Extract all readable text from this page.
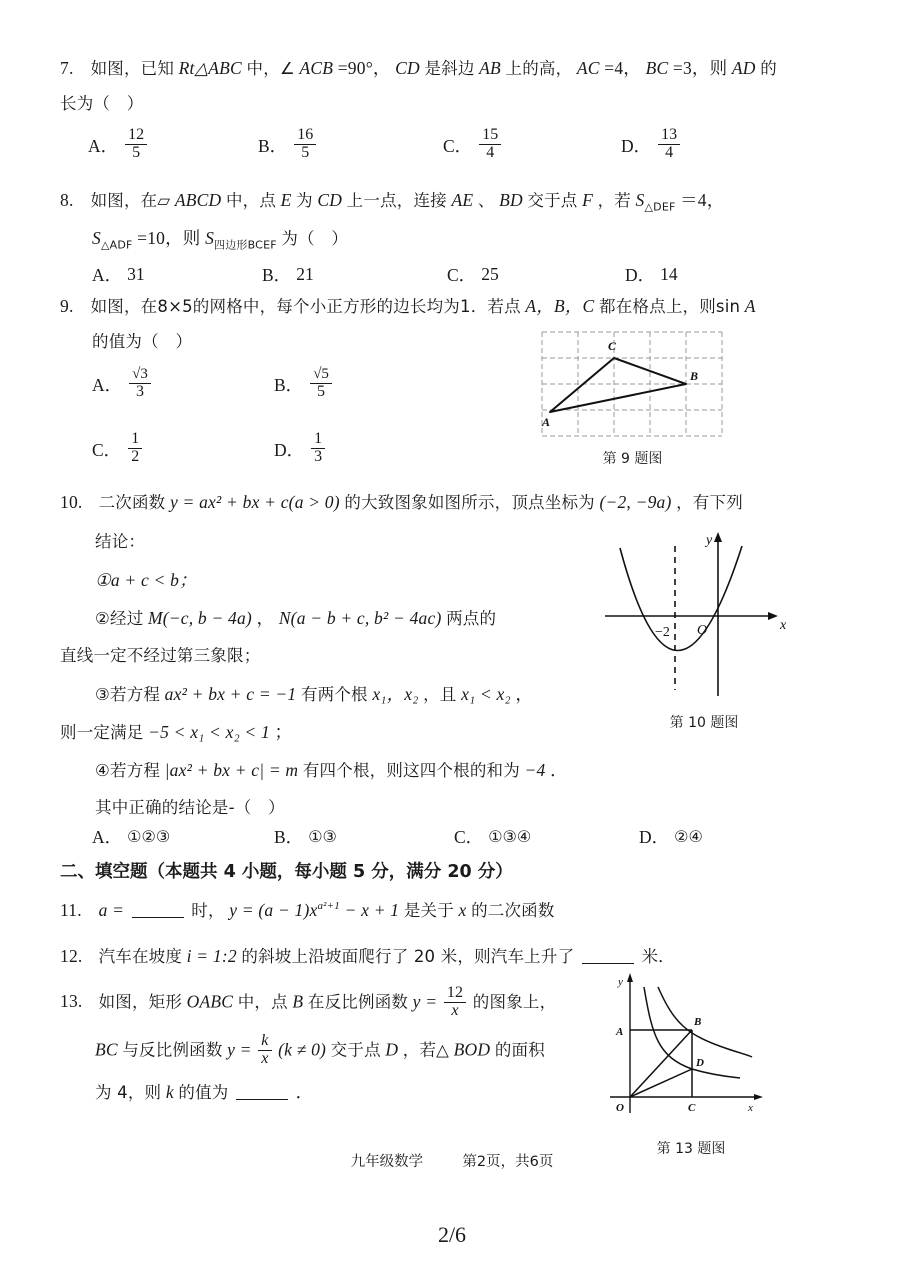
7. 如图，已知 Rt△ABC 中，∠ ACB =90°， CD 是斜边 AB 上的高， AC =4， BC =3，则 AD 的
长为（　）
A． $\frac{12}{5}$	B． $\frac{16}{5}$	C． $\frac{15}{4}$	D． $\frac{13}{4}$
8. 如图，在▱ ABCD 中，点 E 为 CD 上一点，连接 AE 、 BD 交于点 F ，若 $S_{\triangle DEF} =4$，
$S_{\triangle ADF} =10$，则 $S_{四边形BCEF}$ 为（　）
A． 31	B． 21	C． 25	D． 14
9. 如图，在8×5的网格中，每个小正方形的边长均为1．若点 A，B，C 都在格点上，则sin A
的值为（　）
A． $\frac{√3}{3}$	B． $\frac{√5}{5}$
C． $\frac{1}{2}$	D． $\frac{1}{3}$
A
C
B
第 9 题图
10. 二次函数 y = ax² + bx + c(a > 0) 的大致图象如图所示，顶点坐标为 (−2, −9a) ，有下列
结论：
①a + c < b；
②经过 M(−c, b − 4a) ， N(a − b + c, b² − 4ac) 两点的
直线一定不经过第三象限；
③若方程 ax² + bx + c = −1 有两个根 x₁，x₂ ，且 x₁ < x₂ ，
则一定满足 −5 < x₁ < x₂ < 1 ；
④若方程 |ax² + bx + c| = m 有四个根，则这四个根的和为 −4 ．
其中正确的结论是-（　）
A． ①②③	B． ①③	C． ①③④	D． ②④
x
y
O
−2
第 10 题图
二、填空题（本题共 4 小题，每小题 5 分，满分 20 分）
11. a =	时， $y = (a - 1)x^{a^2+1} - x + 1$ 是关于 x 的二次函数
12. 汽车在坡度 i = 1:2 的斜坡上沿坡面爬行了 20 米，则汽车上升了	米．
13. 如图，矩形 OABC 中，点 B 在反比例函数 $y = \frac{12}{x}$ 的图象上，
BC 与反比例函数 $y = \frac{k}{x} (k \ne 0)$ 交于点 D ，若△ BOD 的面积
为 4，则 k 的值为	．
A
B
C
D
O	x
y
第 13 题图
九年级数学	第2页，共6页
2/6
